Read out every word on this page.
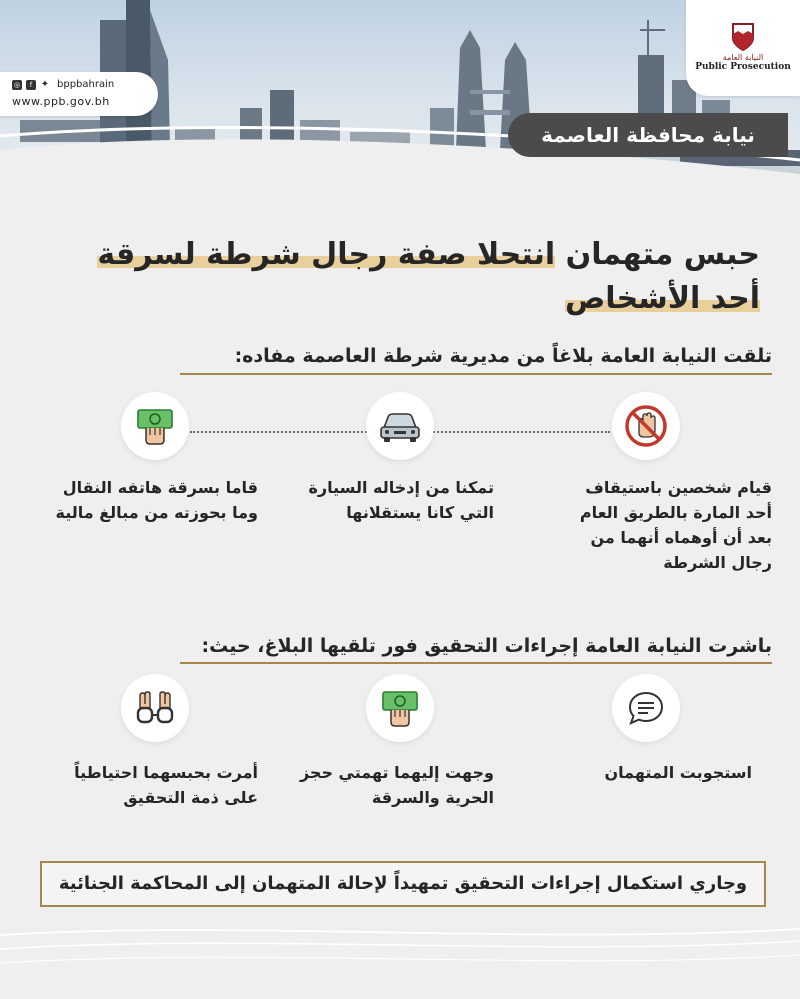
◎	f ✦ bppbahrain
www.ppb.gov.bh
النيابة العامة
Public Prosecution
نيابة محافظة العاصمة
حبس متهمان انتحلا صفة رجال شرطة لسرقة
أحد الأشخاص
تلقت النيابة العامة بلاغاً من مديرية شرطة العاصمة مفاده:
قيام شخصين باستيقاف
أحد المارة بالطريق العام
بعد أن أوهماه أنهما من
رجال الشرطة
تمكنا من إدخاله السيارة
التي كانا يستقلانها
قاما بسرقة هاتفه النقال
وما بحوزته من مبالغ مالية
باشرت النيابة العامة إجراءات التحقيق فور تلقيها البلاغ، حيث:
استجوبت المتهمان
وجهت إليهما تهمتي حجز
الحرية والسرقة
أمرت بحبسهما احتياطياً
على ذمة التحقيق
وجاري استكمال إجراءات التحقيق تمهيداً لإحالة المتهمان إلى المحاكمة الجنائية
